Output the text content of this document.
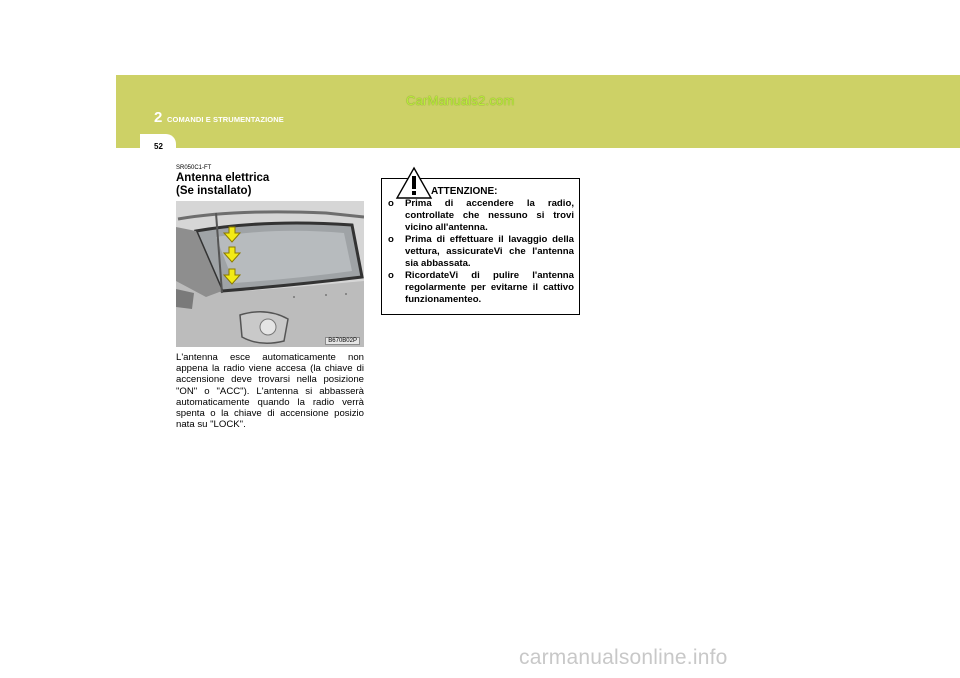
2 COMANDI E STRUMENTAZIONE
CarManuals2.com
52
SR050C1-FT
Antenna elettrica
(Se installato)
B670B02P
L'antenna esce automaticamente non appena la radio viene accesa (la chiave di accensione deve trovarsi nella posizione "ON" o "ACC"). L'antenna si abbasserà automaticamente quando la radio verrà spenta o la chiave di accensione posizio nata su "LOCK".
ATTENZIONE:
o Prima di accendere la radio, controllate che nessuno si trovi vicino all'antenna.
o Prima di effettuare il lavaggio della vettura, assicurateVi che l'antenna sia abbassata.
o RicordateVi di pulire l'antenna regolarmente per evitarne il cattivo funzionamenteo.
carmanualsonline.info
